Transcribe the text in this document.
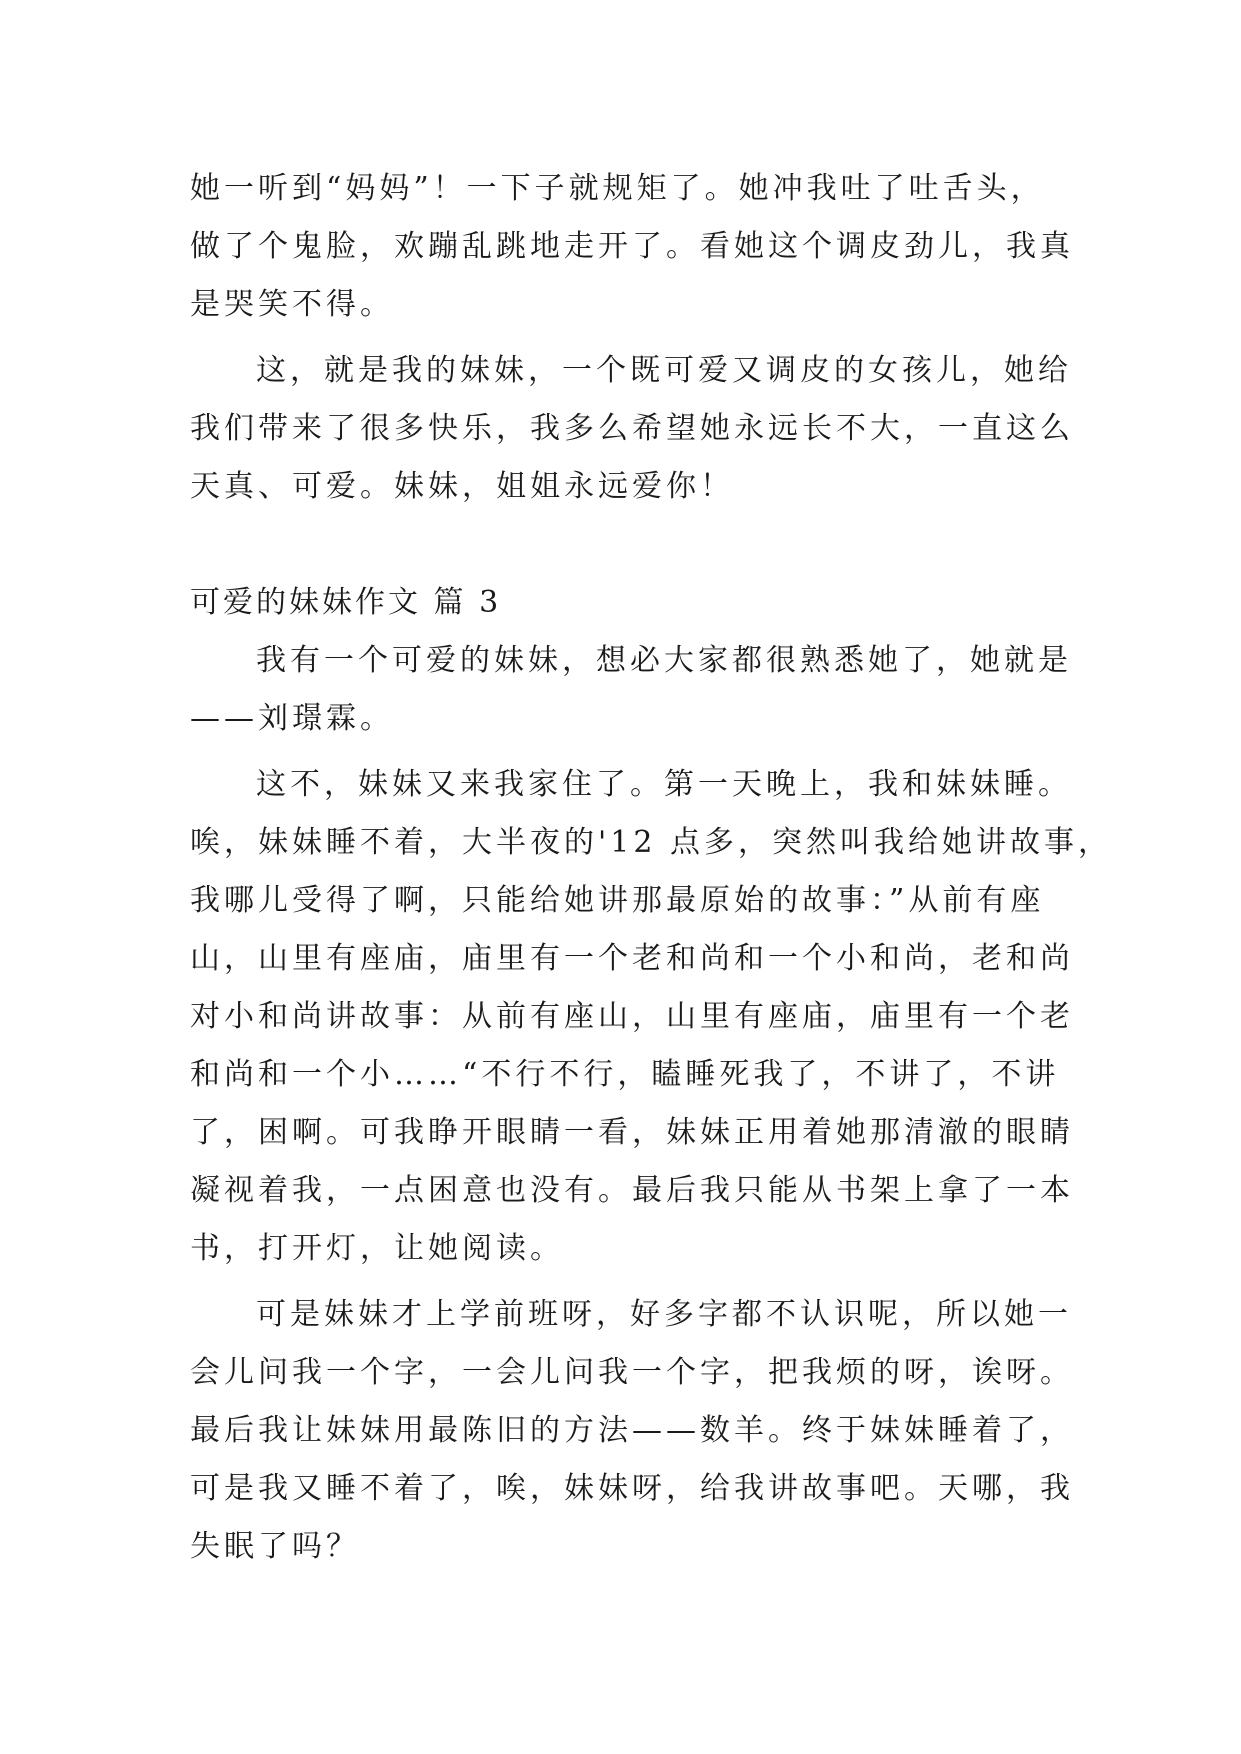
她一听到“妈妈”！一下子就规矩了。她冲我吐了吐舌头，
做了个鬼脸，欢蹦乱跳地走开了。看她这个调皮劲儿，我真
是哭笑不得。
这，就是我的妹妹，一个既可爱又调皮的女孩儿，她给
我们带来了很多快乐，我多么希望她永远长不大，一直这么
天真、可爱。妹妹，姐姐永远爱你！
可爱的妹妹作文 篇 3
我有一个可爱的妹妹，想必大家都很熟悉她了，她就是
——刘璟霖。
这不，妹妹又来我家住了。第一天晚上，我和妹妹睡。
唉，妹妹睡不着，大半夜的'12 点多，突然叫我给她讲故事，
我哪儿受得了啊，只能给她讲那最原始的故事：”从前有座
山，山里有座庙，庙里有一个老和尚和一个小和尚，老和尚
对小和尚讲故事：从前有座山，山里有座庙，庙里有一个老
和尚和一个小……“不行不行，瞌睡死我了，不讲了，不讲
了，困啊。可我睁开眼睛一看，妹妹正用着她那清澈的眼睛
凝视着我，一点困意也没有。最后我只能从书架上拿了一本
书，打开灯，让她阅读。
可是妹妹才上学前班呀，好多字都不认识呢，所以她一
会儿问我一个字，一会儿问我一个字，把我烦的呀，诶呀。
最后我让妹妹用最陈旧的方法——数羊。终于妹妹睡着了，
可是我又睡不着了，唉，妹妹呀，给我讲故事吧。天哪，我
失眠了吗？
